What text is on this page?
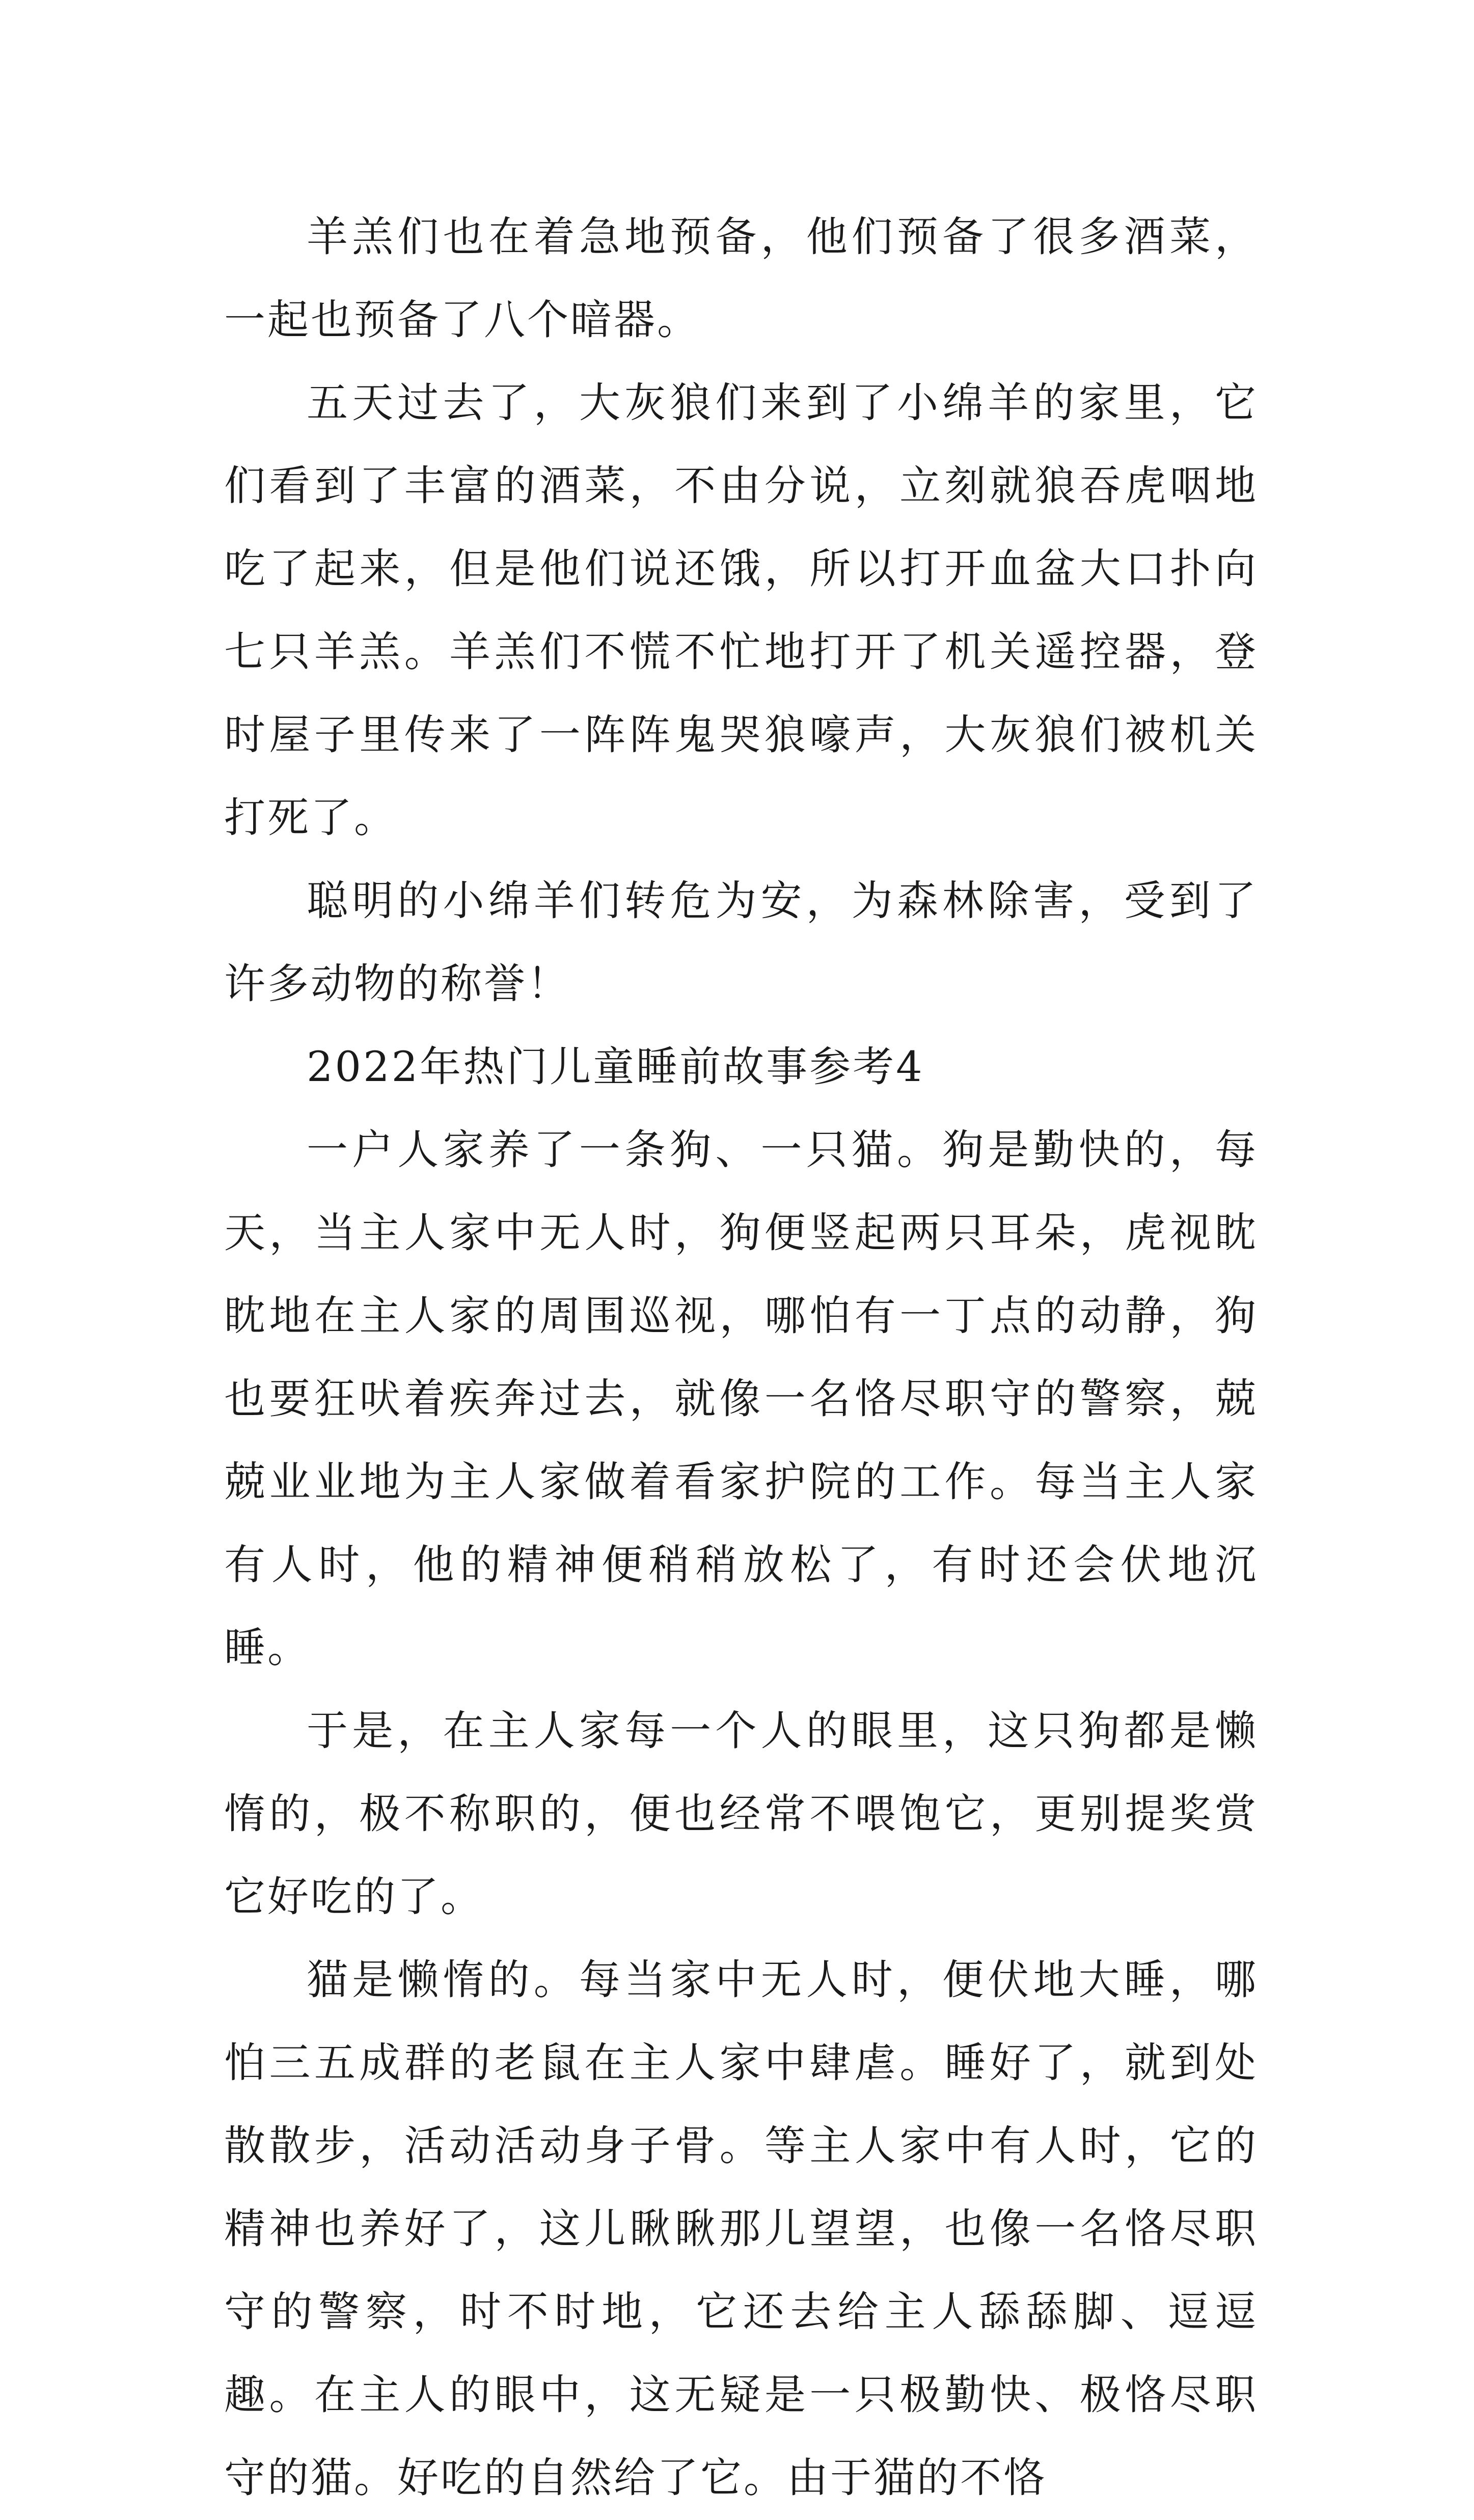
羊羔们也在着急地预备，他们预备了很多酒菜，一起也预备了八个暗器。

五天过去了，大灰狼们来到了小绵羊的家里，它们看到了丰富的酒菜，不由分说，立刻就狼吞虎咽地吃了起来，但是他们说还饿，所以打开血盆大口扑向七只羊羔。羊羔们不慌不忙地打开了机关遥控器，登时屋子里传来了一阵阵鬼哭狼嚎声，大灰狼们被机关打死了。

聪明的小绵羊们转危为安，为森林除害，受到了许多动物的称誉！

2022年热门儿童睡前故事参考4

一户人家养了一条狗、一只猫。狗是勤快的，每天，当主人家中无人时，狗便竖起两只耳朵，虎视眈眈地在主人家的周围巡视，哪怕有一丁点的动静，狗也要狂吠着疾奔过去，就像一名恪尽职守的警察，兢兢业业地为主人家做着看家护院的工作。每当主人家有人时，他的精神便稍稍放松了，有时还会伏地沉睡。

于是，在主人家每一个人的眼里，这只狗都是懒惰的，极不称职的，便也经常不喂饱它，更别提奖赏它好吃的了。

猫是懒惰的。每当家中无人时，便伏地大睡，哪怕三五成群的老鼠在主人家中肆虐。睡好了，就到处散散步，活动活动身子骨。等主人家中有人时，它的精神也养好了，这儿瞅瞅那儿望望，也像一名恪尽职守的警察，时不时地，它还去给主人舔舔脚、逗逗趣。在主人的眼中，这无疑是一只极勤快、极恪尽职守的猫。好吃的自然给了它。由于猫的不恪
